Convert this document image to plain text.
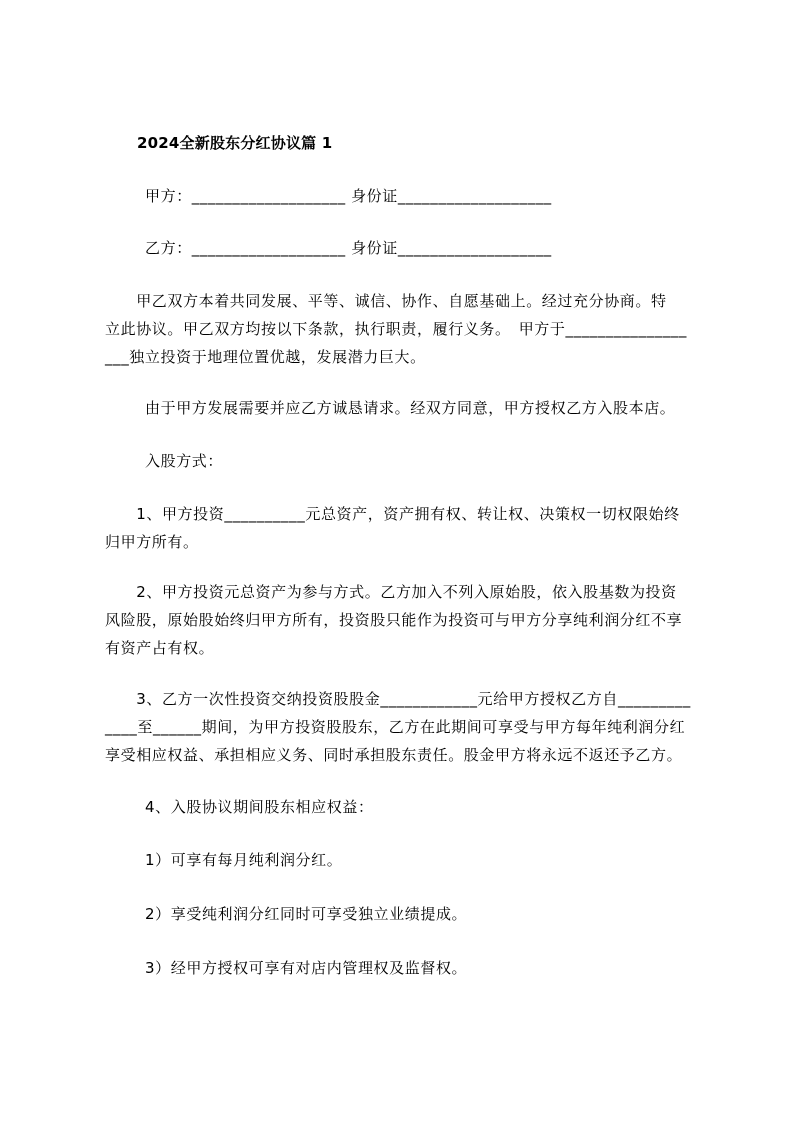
2024全新股东分红协议篇 1
甲方：___________________ 身份证___________________
乙方：___________________ 身份证___________________
　　甲乙双方本着共同发展、平等、诚信、协作、自愿基础上。经过充分协商。特
立此协议。甲乙双方均按以下条款，执行职责，履行义务。　甲方于_______________
___独立投资于地理位置优越，发展潜力巨大。
由于甲方发展需要并应乙方诚恳请求。经双方同意，甲方授权乙方入股本店。
入股方式：
　　1、甲方投资__________元总资产，资产拥有权、转让权、决策权一切权限始终
归甲方所有。
　　2、甲方投资元总资产为参与方式。乙方加入不列入原始股，依入股基数为投资
风险股，原始股始终归甲方所有，投资股只能作为投资可与甲方分享纯利润分红不享
有资产占有权。
　　3、乙方一次性投资交纳投资股股金____________元给甲方授权乙方自_________
____至______期间，为甲方投资股股东，乙方在此期间可享受与甲方每年纯利润分红
享受相应权益、承担相应义务、同时承担股东责任。股金甲方将永远不返还予乙方。
4、入股协议期间股东相应权益：
1）可享有每月纯利润分红。
2）享受纯利润分红同时可享受独立业绩提成。
3）经甲方授权可享有对店内管理权及监督权。
